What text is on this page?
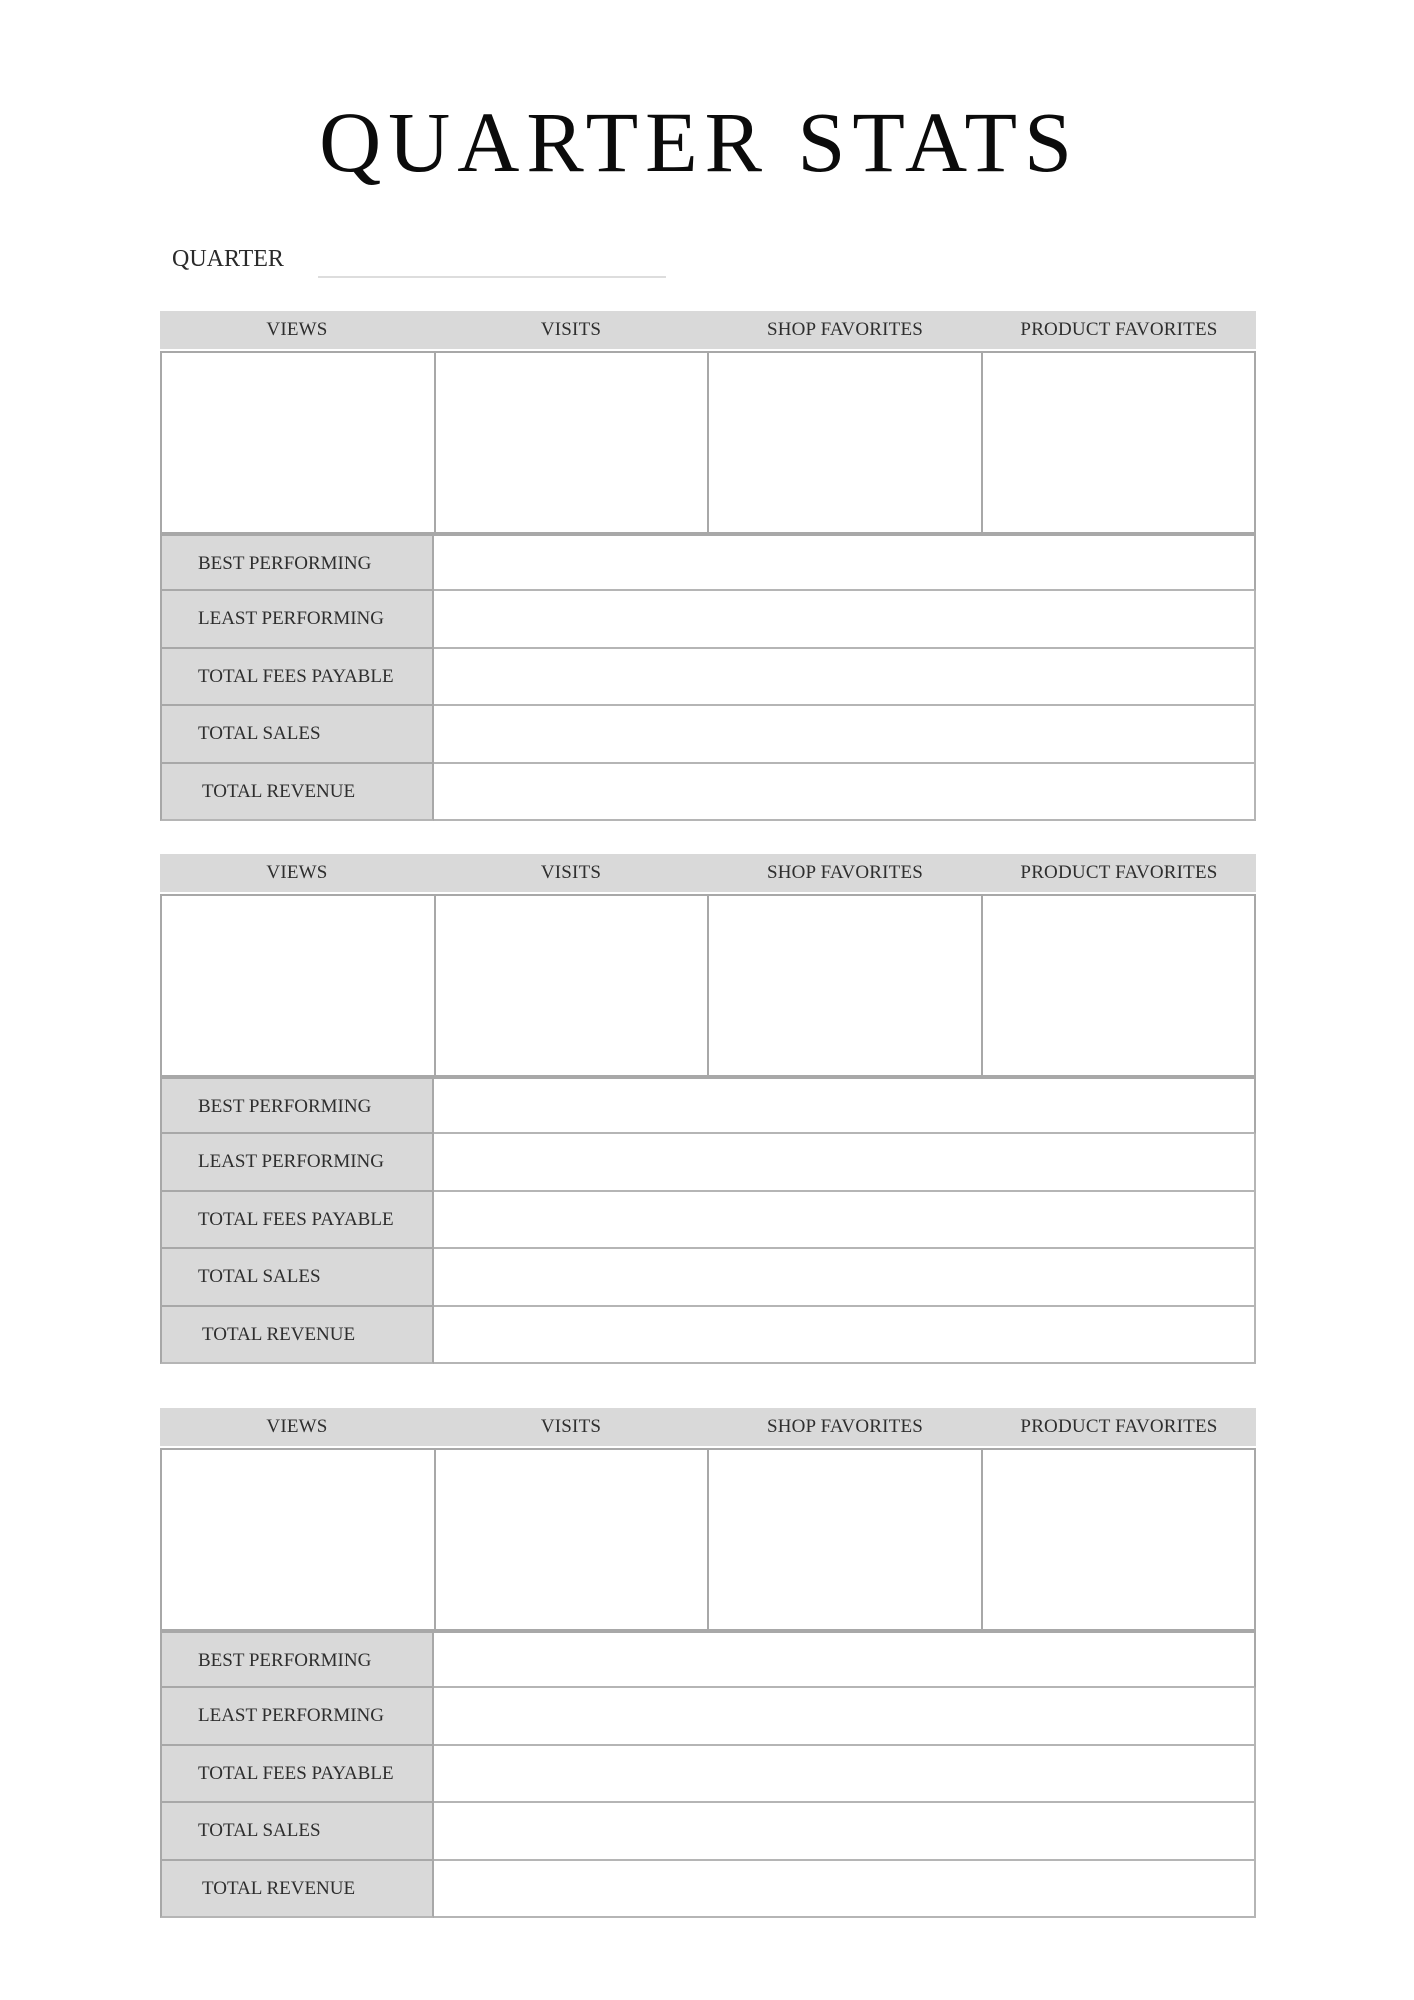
QUARTER STATS
QUARTER
VIEWS	VISITS	SHOP FAVORITES	PRODUCT FAVORITES
BEST PERFORMING
LEAST PERFORMING
TOTAL FEES PAYABLE
TOTAL SALES
TOTAL REVENUE
VIEWS	VISITS	SHOP FAVORITES	PRODUCT FAVORITES
BEST PERFORMING
LEAST PERFORMING
TOTAL FEES PAYABLE
TOTAL SALES
TOTAL REVENUE
VIEWS	VISITS	SHOP FAVORITES	PRODUCT FAVORITES
BEST PERFORMING
LEAST PERFORMING
TOTAL FEES PAYABLE
TOTAL SALES
TOTAL REVENUE
